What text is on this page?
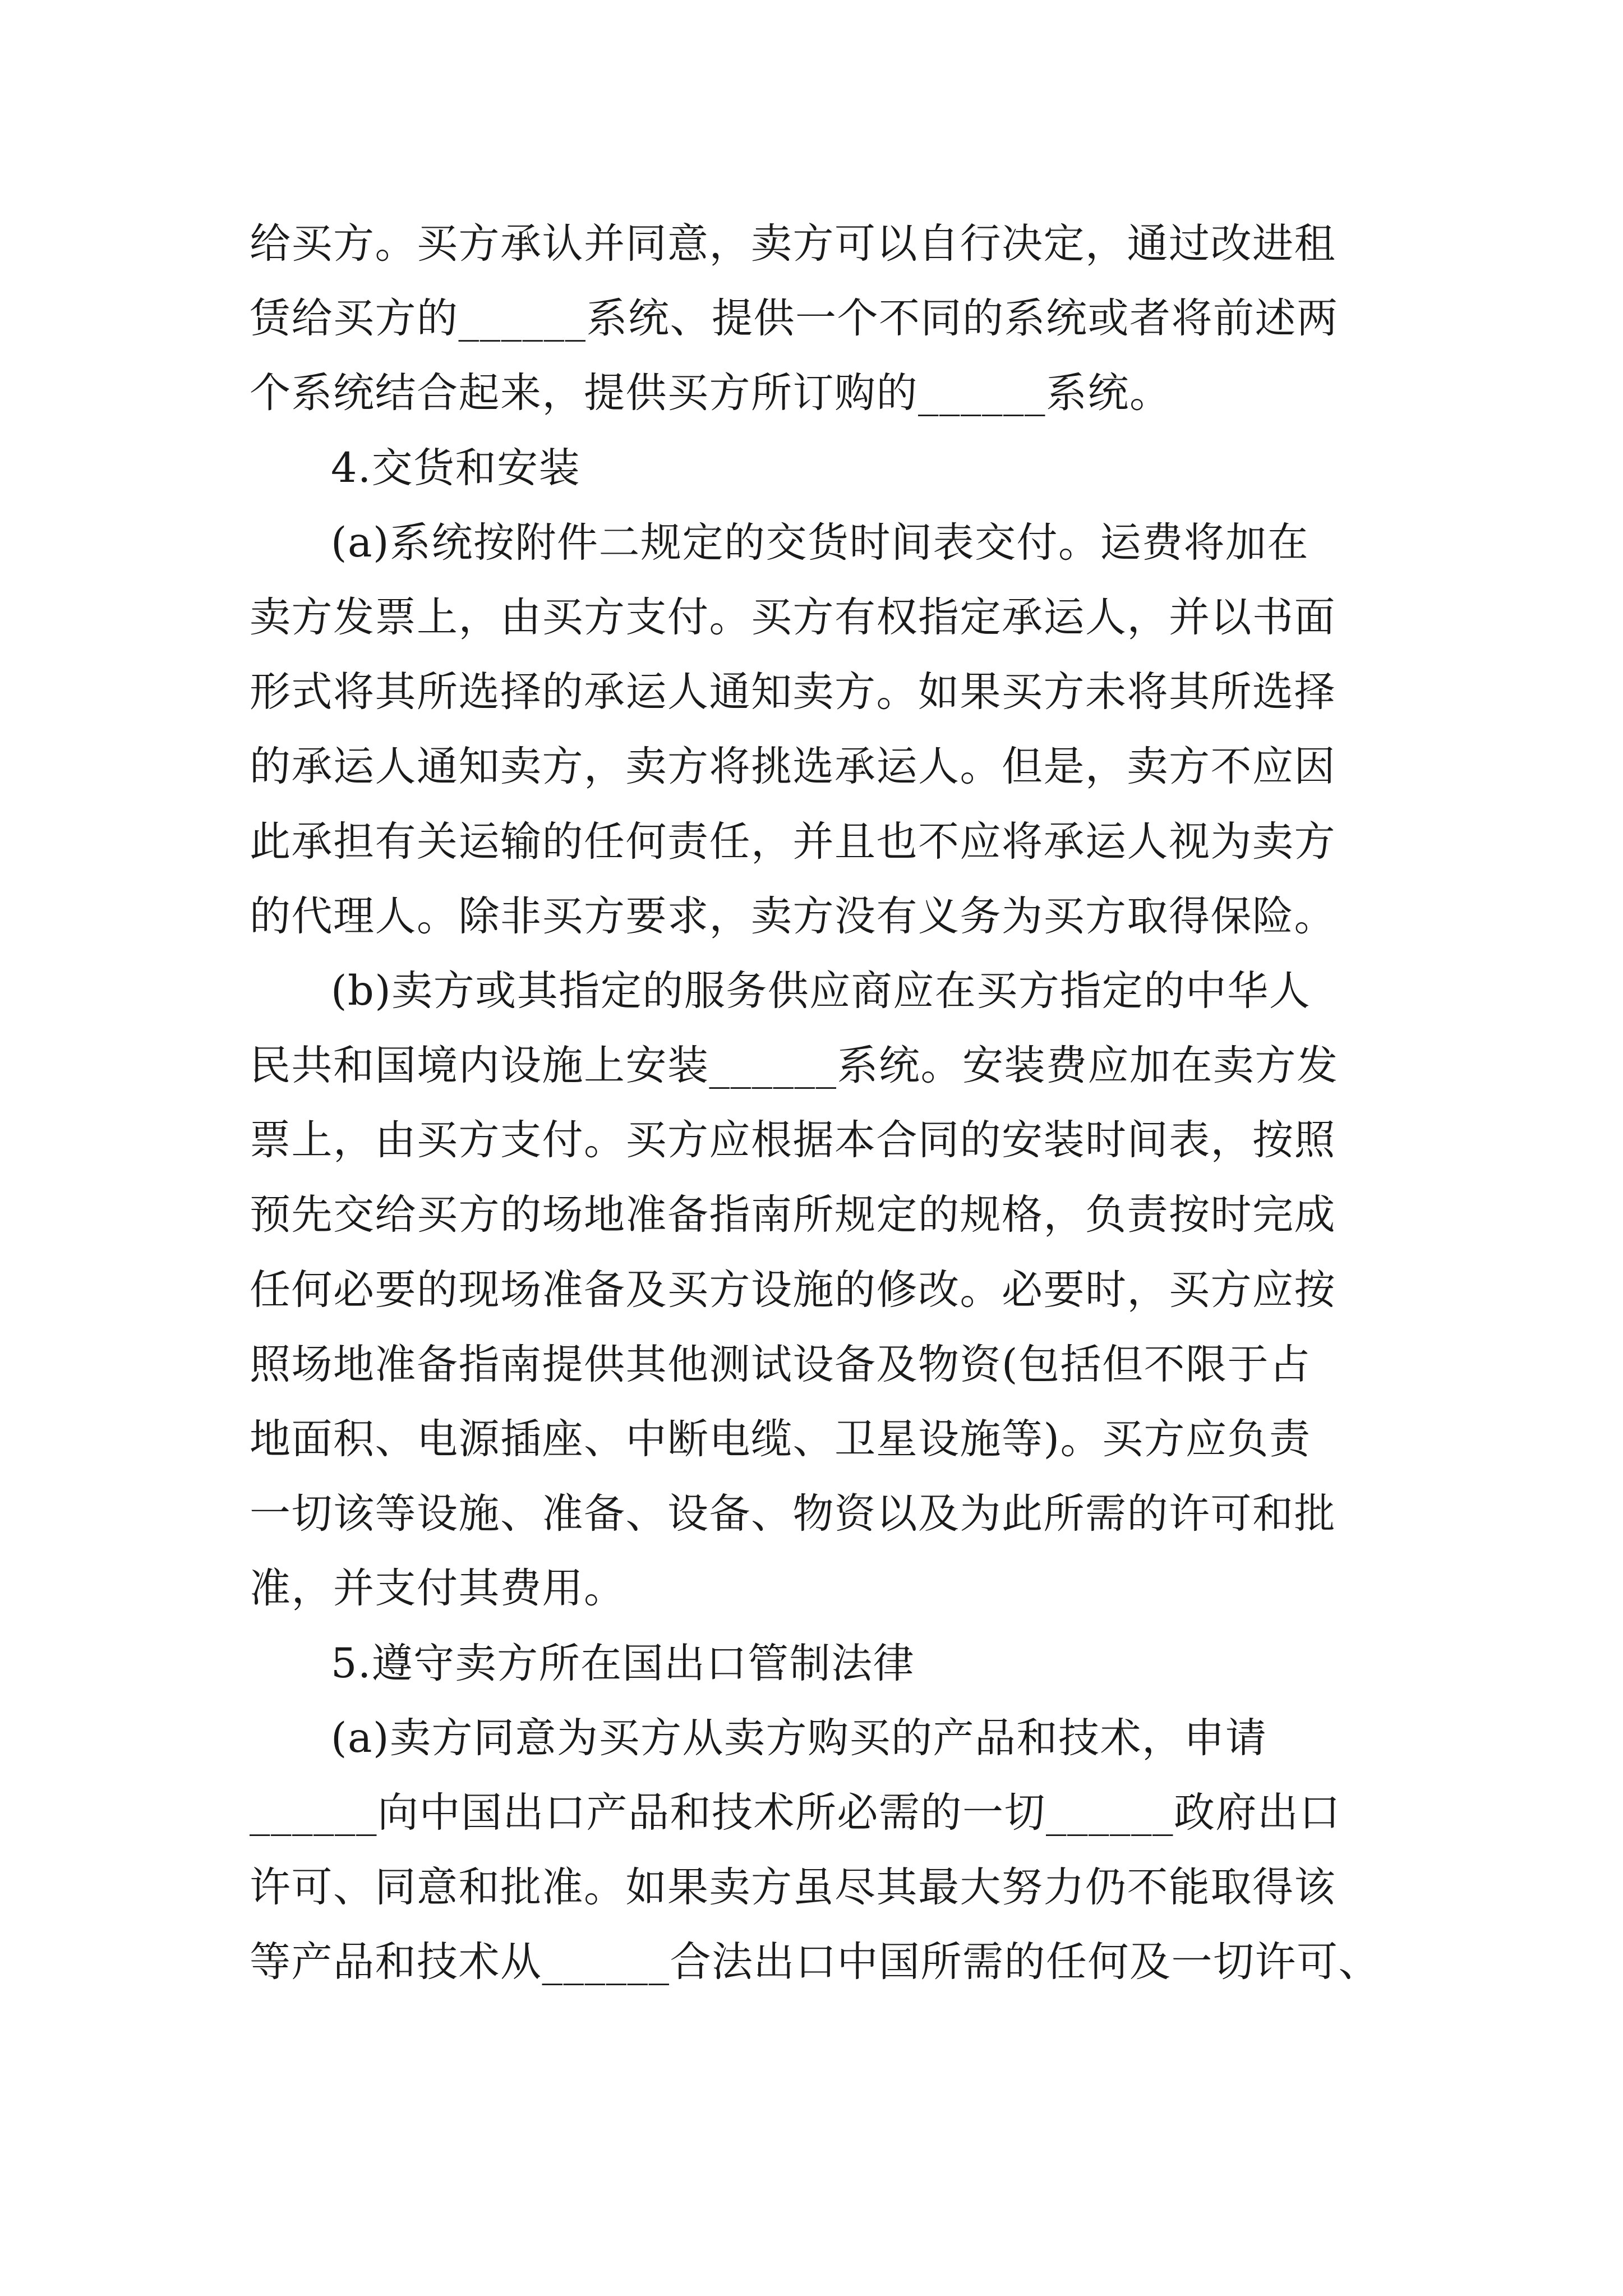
给买方。买方承认并同意，卖方可以自行决定，通过改进租
赁给买方的______系统、提供一个不同的系统或者将前述两
个系统结合起来，提供买方所订购的______系统。
4.交货和安装
(a)系统按附件二规定的交货时间表交付。运费将加在
卖方发票上，由买方支付。买方有权指定承运人，并以书面
形式将其所选择的承运人通知卖方。如果买方未将其所选择
的承运人通知卖方，卖方将挑选承运人。但是，卖方不应因
此承担有关运输的任何责任，并且也不应将承运人视为卖方
的代理人。除非买方要求，卖方没有义务为买方取得保险。
(b)卖方或其指定的服务供应商应在买方指定的中华人
民共和国境内设施上安装______系统。安装费应加在卖方发
票上，由买方支付。买方应根据本合同的安装时间表，按照
预先交给买方的场地准备指南所规定的规格，负责按时完成
任何必要的现场准备及买方设施的修改。必要时，买方应按
照场地准备指南提供其他测试设备及物资(包括但不限于占
地面积、电源插座、中断电缆、卫星设施等)。买方应负责
一切该等设施、准备、设备、物资以及为此所需的许可和批
准，并支付其费用。
5.遵守卖方所在国出口管制法律
(a)卖方同意为买方从卖方购买的产品和技术，申请
______向中国出口产品和技术所必需的一切______政府出口
许可、同意和批准。如果卖方虽尽其最大努力仍不能取得该
等产品和技术从______合法出口中国所需的任何及一切许可、
